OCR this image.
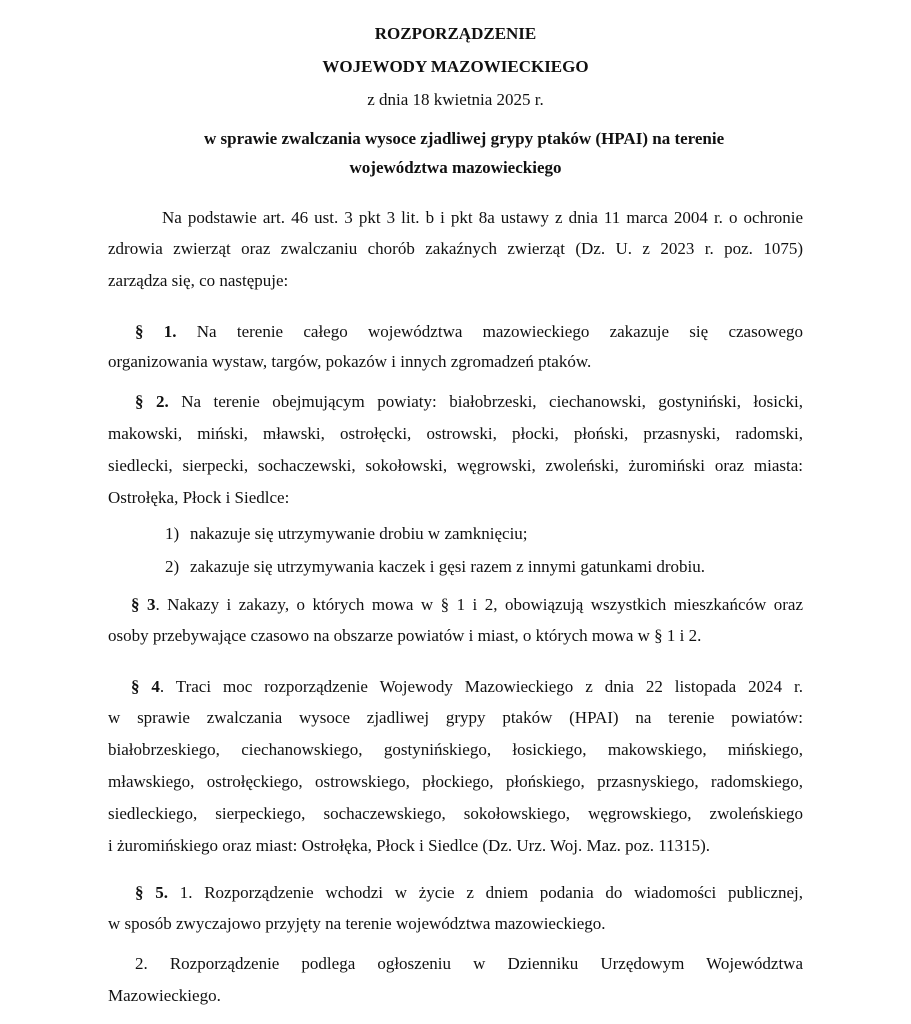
ROZPORZĄDZENIE
WOJEWODY MAZOWIECKIEGO
z dnia 18 kwietnia 2025 r.
w sprawie zwalczania wysoce zjadliwej grypy ptaków (HPAI) na terenie
województwa mazowieckiego
Na podstawie art. 46 ust. 3 pkt 3 lit. b i pkt 8a ustawy z dnia 11 marca 2004 r. o ochronie
zdrowia zwierząt oraz zwalczaniu chorób zakaźnych zwierząt (Dz. U. z 2023 r. poz. 1075)
zarządza się, co następuje:
§ 1. Na terenie całego województwa mazowieckiego zakazuje się czasowego
organizowania wystaw, targów, pokazów i innych zgromadzeń ptaków.
§ 2. Na terenie obejmującym powiaty: białobrzeski, ciechanowski, gostyniński, łosicki,
makowski, miński, mławski, ostrołęcki, ostrowski, płocki, płoński, przasnyski, radomski,
siedlecki, sierpecki, sochaczewski, sokołowski, węgrowski, zwoleński, żuromiński oraz miasta:
Ostrołęka, Płock i Siedlce:
1) nakazuje się utrzymywanie drobiu w zamknięciu;
2) zakazuje się utrzymywania kaczek i gęsi razem z innymi gatunkami drobiu.
§ 3. Nakazy i zakazy, o których mowa w § 1 i 2, obowiązują wszystkich mieszkańców oraz
osoby przebywające czasowo na obszarze powiatów i miast, o których mowa w § 1 i 2.
§ 4. Traci moc rozporządzenie Wojewody Mazowieckiego z dnia 22 listopada 2024 r.
w sprawie zwalczania wysoce zjadliwej grypy ptaków (HPAI) na terenie powiatów:
białobrzeskiego, ciechanowskiego, gostynińskiego, łosickiego, makowskiego, mińskiego,
mławskiego, ostrołęckiego, ostrowskiego, płockiego, płońskiego, przasnyskiego, radomskiego,
siedleckiego, sierpeckiego, sochaczewskiego, sokołowskiego, węgrowskiego, zwoleńskiego
i żuromińskiego oraz miast: Ostrołęka, Płock i Siedlce (Dz. Urz. Woj. Maz. poz. 11315).
§ 5. 1. Rozporządzenie wchodzi w życie z dniem podania do wiadomości publicznej,
w sposób zwyczajowo przyjęty na terenie województwa mazowieckiego.
2. Rozporządzenie podlega ogłoszeniu w Dzienniku Urzędowym Województwa
Mazowieckiego.
